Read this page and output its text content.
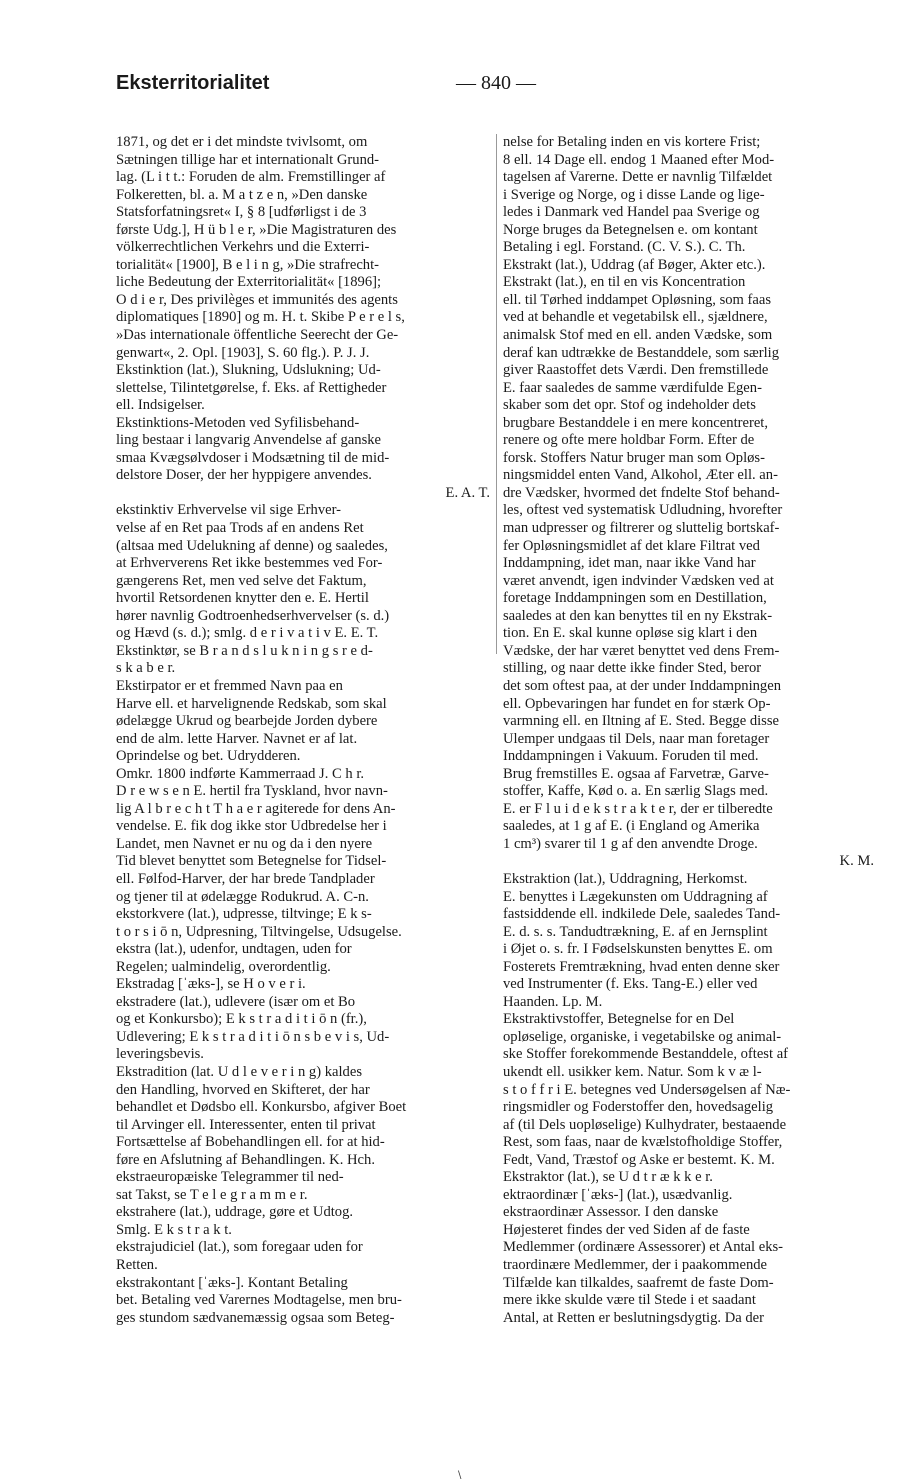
Eksterritorialitet	— 840 —
1871, og det er i det mindste tvivlsomt, om
Sætningen tillige har et internationalt Grund-
lag. (L i t t.: Foruden de alm. Fremstillinger af
Folkeretten, bl. a. M a t z e n, »Den danske
Statsforfatningsret« I, § 8 [udførligst i de 3
første Udg.], H ü b l e r, »Die Magistraturen des
völkerrechtlichen Verkehrs und die Exterri-
torialität« [1900], B e l i n g, »Die strafrecht-
liche Bedeutung der Exterritorialität« [1896];
O d i e r, Des privilèges et immunités des agents
diplomatiques [1890] og m. H. t. Skibe P e r e l s,
»Das internationale öffentliche Seerecht der Ge-
genwart«, 2. Opl. [1903], S. 60 flg.). P. J. J.
Ekstinktion (lat.), Slukning, Udslukning; Ud-
slettelse, Tilintetgørelse, f. Eks. af Rettigheder
ell. Indsigelser.
Ekstinktions-Metoden ved Syfilisbehand-
ling bestaar i langvarig Anvendelse af ganske
smaa Kvægsølvdoser i Modsætning til de mid-
delstore Doser, der her hyppigere anvendes.
E. A. T.
ekstinktiv Erhvervelse vil sige Erhver-
velse af en Ret paa Trods af en andens Ret
(altsaa med Udelukning af denne) og saaledes,
at Erhververens Ret ikke bestemmes ved For-
gængerens Ret, men ved selve det Faktum,
hvortil Retsordenen knytter den e. E. Hertil
hører navnlig Godtroenhedserhvervelser (s. d.)
og Hævd (s. d.); smlg. d e r i v a t i v E. E. T.
Ekstinktør, se B r a n d s l u k n i n g s r e d-
s k a b e r.
Ekstirpator er et fremmed Navn paa en
Harve ell. et harvelignende Redskab, som skal
ødelægge Ukrud og bearbejde Jorden dybere
end de alm. lette Harver. Navnet er af lat.
Oprindelse og bet. Udrydderen.
Omkr. 1800 indførte Kammerraad J. C h r.
D r e w s e n E. hertil fra Tyskland, hvor navn-
lig A l b r e c h t T h a e r agiterede for dens An-
vendelse. E. fik dog ikke stor Udbredelse her i
Landet, men Navnet er nu og da i den nyere
Tid blevet benyttet som Betegnelse for Tidsel-
ell. Følfod-Harver, der har brede Tandplader
og tjener til at ødelægge Rodukrud. A. C-n.
ekstorkvere (lat.), udpresse, tiltvinge; E k s-
t o r s i ō n, Udpresning, Tiltvingelse, Udsugelse.
ekstra (lat.), udenfor, undtagen, uden for
Regelen; ualmindelig, overordentlig.
Ekstradag [ˈæks-], se H o v e r i.
ekstradere (lat.), udlevere (især om et Bo
og et Konkursbo); E k s t r a d i t i ō n (fr.),
Udlevering; E k s t r a d i t i ō n s b e v i s, Ud-
leveringsbevis.
Ekstradition (lat. U d l e v e r i n g) kaldes
den Handling, hvorved en Skifteret, der har
behandlet et Dødsbo ell. Konkursbo, afgiver Boet
til Arvinger ell. Interessenter, enten til privat
Fortsættelse af Bobehandlingen ell. for at hid-
føre en Afslutning af Behandlingen. K. Hch.
ekstraeuropæiske Telegrammer til ned-
sat Takst, se T e l e g r a m m e r.
ekstrahere (lat.), uddrage, gøre et Udtog.
Smlg. E k s t r a k t.
ekstrajudiciel (lat.), som foregaar uden for
Retten.
ekstrakontant [ˈæks-]. Kontant Betaling
bet. Betaling ved Varernes Modtagelse, men bru-
ges stundom sædvanemæssig ogsaa som Beteg-
nelse for Betaling inden en vis kortere Frist;
8 ell. 14 Dage ell. endog 1 Maaned efter Mod-
tagelsen af Varerne. Dette er navnlig Tilfældet
i Sverige og Norge, og i disse Lande og lige-
ledes i Danmark ved Handel paa Sverige og
Norge bruges da Betegnelsen e. om kontant
Betaling i egl. Forstand. (C. V. S.). C. Th.
Ekstrakt (lat.), Uddrag (af Bøger, Akter etc.).
Ekstrakt (lat.), en til en vis Koncentration
ell. til Tørhed inddampet Opløsning, som faas
ved at behandle et vegetabilsk ell., sjældnere,
animalsk Stof med en ell. anden Vædske, som
deraf kan udtrække de Bestanddele, som særlig
giver Raastoffet dets Værdi. Den fremstillede
E. faar saaledes de samme værdifulde Egen-
skaber som det opr. Stof og indeholder dets
brugbare Bestanddele i en mere koncentreret,
renere og ofte mere holdbar Form. Efter de
forsk. Stoffers Natur bruger man som Opløs-
ningsmiddel enten Vand, Alkohol, Æter ell. an-
dre Vædsker, hvormed det fndelte Stof behand-
les, oftest ved systematisk Udludning, hvorefter
man udpresser og filtrerer og sluttelig bortskaf-
fer Opløsningsmidlet af det klare Filtrat ved
Inddampning, idet man, naar ikke Vand har
været anvendt, igen indvinder Vædsken ved at
foretage Inddampningen som en Destillation,
saaledes at den kan benyttes til en ny Ekstrak-
tion. En E. skal kunne opløse sig klart i den
Vædske, der har været benyttet ved dens Frem-
stilling, og naar dette ikke finder Sted, beror
det som oftest paa, at der under Inddampningen
ell. Opbevaringen har fundet en for stærk Op-
varmning ell. en Iltning af E. Sted. Begge disse
Ulemper undgaas til Dels, naar man foretager
Inddampningen i Vakuum. Foruden til med.
Brug fremstilles E. ogsaa af Farvetræ, Garve-
stoffer, Kaffe, Kød o. a. En særlig Slags med.
E. er F l u i d e k s t r a k t e r, der er tilberedte
saaledes, at 1 g af E. (i England og Amerika
1 cm³) svarer til 1 g af den anvendte Droge.
K. M.
Ekstraktion (lat.), Uddragning, Herkomst.
E. benyttes i Lægekunsten om Uddragning af
fastsiddende ell. indkilede Dele, saaledes Tand-
E. d. s. s. Tandudtrækning, E. af en Jernsplint
i Øjet o. s. fr. I Fødselskunsten benyttes E. om
Fosterets Fremtrækning, hvad enten denne sker
ved Instrumenter (f. Eks. Tang-E.) eller ved
Haanden. Lp. M.
Ekstraktivstoffer, Betegnelse for en Del
opløselige, organiske, i vegetabilske og animal-
ske Stoffer forekommende Bestanddele, oftest af
ukendt ell. usikker kem. Natur. Som k v æ l-
s t o f f r i E. betegnes ved Undersøgelsen af Næ-
ringsmidler og Foderstoffer den, hovedsagelig
af (til Dels uopløselige) Kulhydrater, bestaaende
Rest, som faas, naar de kvælstofholdige Stoffer,
Fedt, Vand, Træstof og Aske er bestemt. K. M.
Ekstraktor (lat.), se U d t r æ k k e r.
ektraordinær [ˈæks-] (lat.), usædvanlig.
ekstraordinær Assessor. I den danske
Højesteret findes der ved Siden af de faste
Medlemmer (ordinære Assessorer) et Antal eks-
traordinære Medlemmer, der i paakommende
Tilfælde kan tilkaldes, saafremt de faste Dom-
mere ikke skulde være til Stede i et saadant
Antal, at Retten er beslutningsdygtig. Da der
\
